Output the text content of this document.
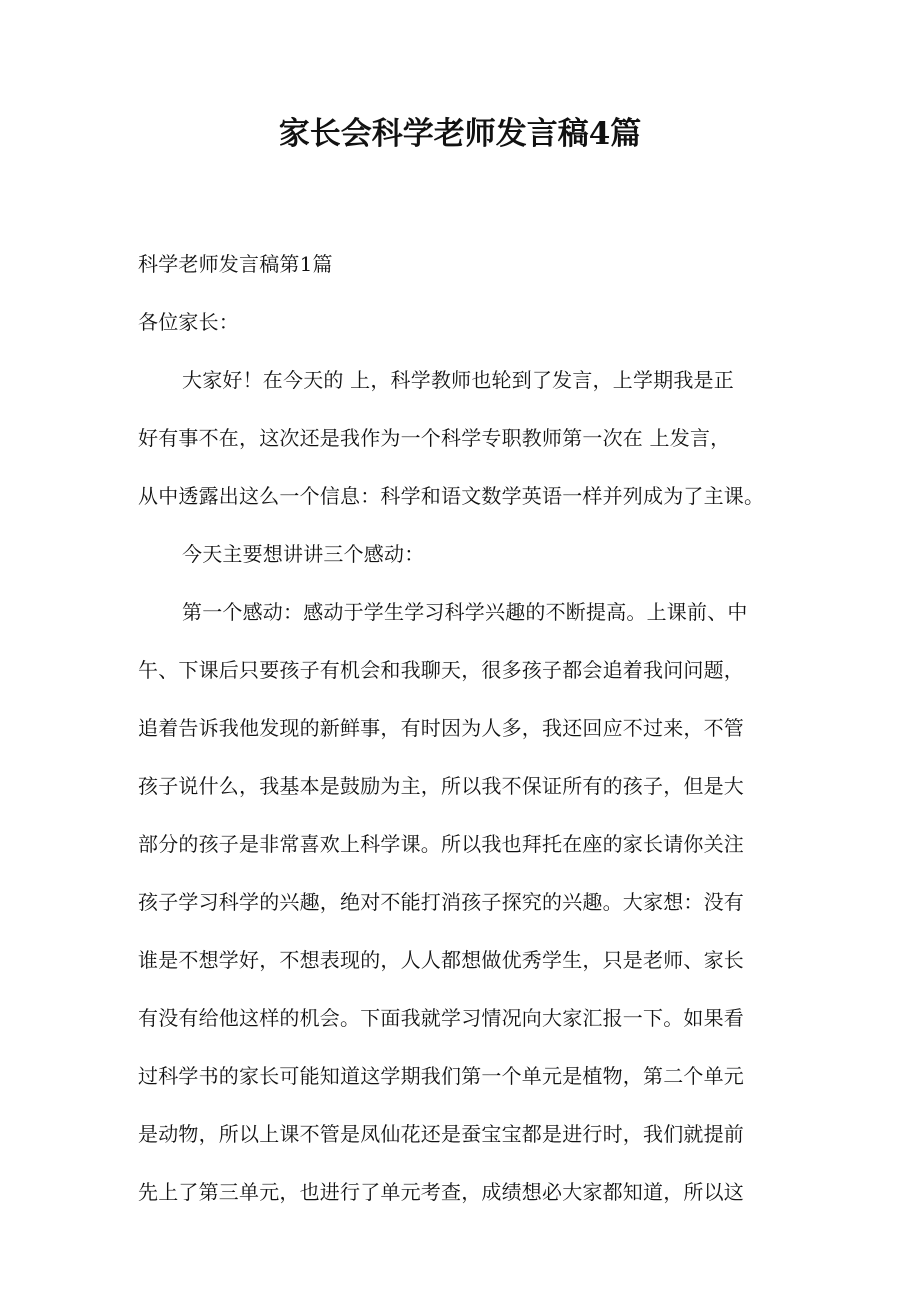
家长会科学老师发言稿4篇

科学老师发言稿第1篇

各位家长：

大家好！在今天的 上，科学教师也轮到了发言，上学期我是正

好有事不在，这次还是我作为一个科学专职教师第一次在 上发言，

从中透露出这么一个信息：科学和语文数学英语一样并列成为了主课。

今天主要想讲讲三个感动：

第一个感动：感动于学生学习科学兴趣的不断提高。上课前、中

午、下课后只要孩子有机会和我聊天，很多孩子都会追着我问问题，

追着告诉我他发现的新鲜事，有时因为人多，我还回应不过来，不管

孩子说什么，我基本是鼓励为主，所以我不保证所有的孩子，但是大

部分的孩子是非常喜欢上科学课。所以我也拜托在座的家长请你关注

孩子学习科学的兴趣，绝对不能打消孩子探究的兴趣。大家想：没有

谁是不想学好，不想表现的，人人都想做优秀学生，只是老师、家长

有没有给他这样的机会。下面我就学习情况向大家汇报一下。如果看

过科学书的家长可能知道这学期我们第一个单元是植物，第二个单元

是动物，所以上课不管是凤仙花还是蚕宝宝都是进行时，我们就提前

先上了第三单元，也进行了单元考查，成绩想必大家都知道，所以这
